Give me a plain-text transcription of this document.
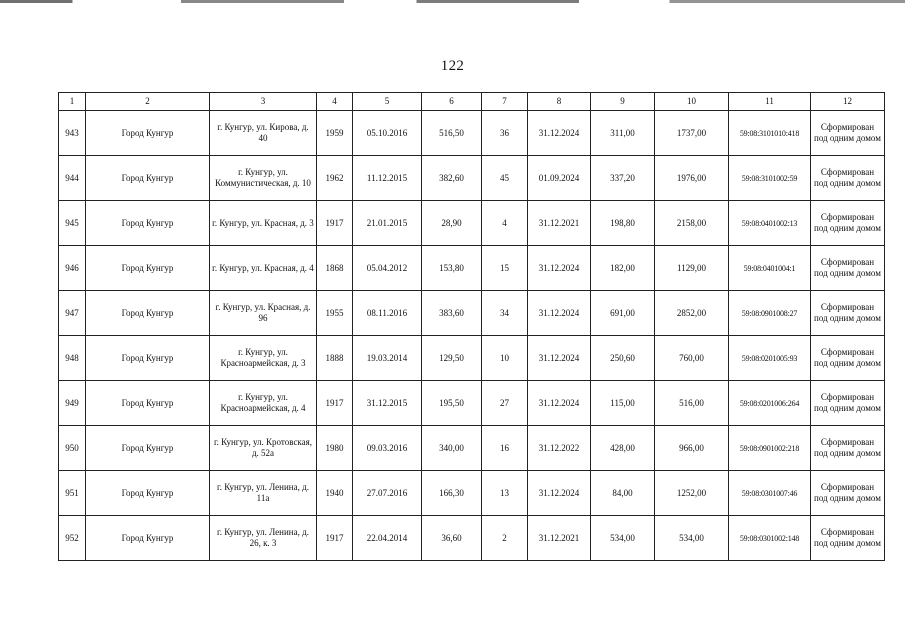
122
1	2	3	4	5	6	7	8	9	10	11	12
943	Город Кунгур	г. Кунгур, ул. Кирова, д. 40	1959	05.10.2016	516,50	36	31.12.2024	311,00	1737,00	59:08:3101010:418	Сформирован под одним домом
944	Город Кунгур	г. Кунгур, ул. Коммунистическая, д. 10	1962	11.12.2015	382,60	45	01.09.2024	337,20	1976,00	59:08:3101002:59	Сформирован под одним домом
945	Город Кунгур	г. Кунгур, ул. Красная, д. 3	1917	21.01.2015	28,90	4	31.12.2021	198,80	2158,00	59:08:0401002:13	Сформирован под одним домом
946	Город Кунгур	г. Кунгур, ул. Красная, д. 4	1868	05.04.2012	153,80	15	31.12.2024	182,00	1129,00	59:08:0401004:1	Сформирован под одним домом
947	Город Кунгур	г. Кунгур, ул. Красная, д. 96	1955	08.11.2016	383,60	34	31.12.2024	691,00	2852,00	59:08:0901008:27	Сформирован под одним домом
948	Город Кунгур	г. Кунгур, ул. Красноармейская, д. 3	1888	19.03.2014	129,50	10	31.12.2024	250,60	760,00	59:08:0201005:93	Сформирован под одним домом
949	Город Кунгур	г. Кунгур, ул. Красноармейская, д. 4	1917	31.12.2015	195,50	27	31.12.2024	115,00	516,00	59:08:0201006:264	Сформирован под одним домом
950	Город Кунгур	г. Кунгур, ул. Кротовская, д. 52а	1980	09.03.2016	340,00	16	31.12.2022	428,00	966,00	59:08:0901002:218	Сформирован под одним домом
951	Город Кунгур	г. Кунгур, ул. Ленина, д. 11а	1940	27.07.2016	166,30	13	31.12.2024	84,00	1252,00	59:08:0301007:46	Сформирован под одним домом
952	Город Кунгур	г. Кунгур, ул. Ленина, д. 26, к. 3	1917	22.04.2014	36,60	2	31.12.2021	534,00	534,00	59:08:0301002:148	Сформирован под одним домом
